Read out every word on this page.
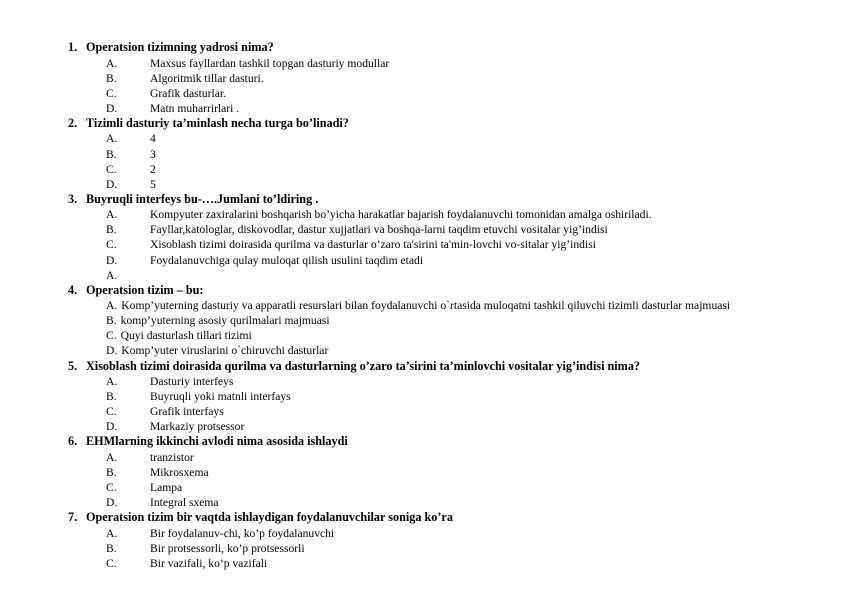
1. Operatsion tizimning yadrosi nima?
A.	Maxsus fayllardan tashkil topgan dasturiy modullar
B.	Algoritmik tillar dasturi.
C.	Grafik dasturlar.
D.	Matn muharrirlari .
2. Tizimli dasturiy ta’minlash necha turga bo’linadi?
A.	4
B.	3
C.	2
D.	5
3. Buyruqli interfeys bu-….Jumlani to’ldiring .
A.	Kompyuter zaxiralarini boshqarish bo’yicha harakatlar bajarish foydalanuvchi tomonidan amalga oshiriladi.
B.	Fayllar,katologlar, diskovodlar, dastur xujjatlari va boshqa-larni taqdim etuvchi vositalar yig’indisi
C.	Xisoblash tizimi doirasida qurilma va dasturlar o’zaro ta'sirini ta'min-lovchi vo-sitalar yig’indisi
D.	Foydalanuvchiga qulay muloqat qilish usulini taqdim etadi
A.
4. Operatsion tizim – bu:
A. Komp’yuterning dasturiy va apparatli resurslari bilan foydalanuvchi o`rtasida muloqatni tashkil qiluvchi tizimli dasturlar majmuasi
B. komp’yuterning asosiy qurilmalari majmuasi
C. Quyi dasturlash tillari tizimi
D. Komp’yuter viruslarini o`chiruvchi dasturlar
5. Xisoblash tizimi doirasida qurilma va dasturlarning o’zaro ta’sirini ta’minlovchi vositalar yig’indisi nima?
A.	Dasturiy interfeys
B.	Buyruqli yoki matnli interfays
C.	Grafik interfays
D.	Markaziy protsessor
6. EHMlarning ikkinchi avlodi nima asosida ishlaydi
A.	tranzistor
B.	Mikrosxema
C.	Lampa
D.	Integral sxema
7. Operatsion tizim bir vaqtda ishlaydigan foydalanuvchilar soniga ko’ra
A.	Bir foydalanuv-chi, ko’p foydalanuvchi
B.	Bir protsessorli, ko’p protsessorli
C.	Bir vazifali, ko’p vazifali
